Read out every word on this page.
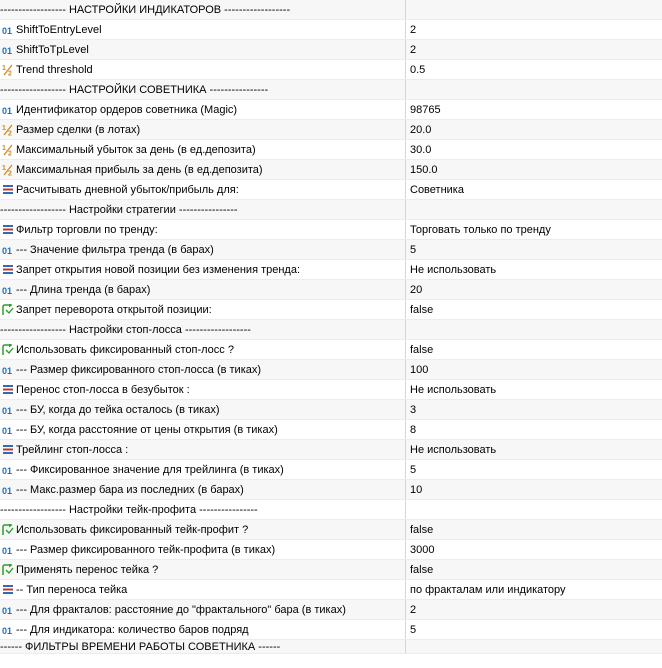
------------------ НАСТРОЙКИ ИНДИКАТОРОВ ------------------
01 ShiftToEntryLevel	2
01 ShiftToTpLevel	2
1
2 Trend threshold	0.5
------------------ НАСТРОЙКИ СОВЕТНИКА ----------------
01 Идентификатор ордеров советника (Magic)	98765
1
2 Размер сделки (в лотах)	20.0
1
2 Максимальный убыток за день (в ед.депозита)	30.0
1
2 Максимальная прибыль за день (в ед.депозита)	150.0
Расчитывать дневной убыток/прибыль для:	Советника
------------------ Настройки стратегии ----------------
Фильтр торговли по тренду:	Торговать только по тренду
01 --- Значение фильтра тренда (в барах)	5
Запрет открытия новой позиции без изменения тренда:	Не использовать
01 --- Длина тренда (в барах)	20
Запрет переворота открытой позиции:	false
------------------ Настройки стоп-лосса ------------------
Использовать фиксированный стоп-лосс ?	false
01 --- Размер фиксированного стоп-лосса (в тиках)	100
Перенос стоп-лосса в безубыток :	Не использовать
01 --- БУ, когда до тейка осталось (в тиках)	3
01 --- БУ, когда расстояние от цены открытия (в тиках)	8
Трейлинг стоп-лосса :	Не использовать
01 --- Фиксированное значение для трейлинга (в тиках)	5
01 --- Макс.размер бара из последних (в барах)	10
------------------ Настройки тейк-профита ----------------
Использовать фиксированный тейк-профит ?	false
01 --- Размер фиксированного тейк-профита (в тиках)	3000
Применять перенос тейка ?	false
-- Тип переноса тейка	по фракталам или индикатору
01 --- Для фракталов: расстояние до "фрактального" бара (в тиках)	2
01 --- Для индикатора: количество баров подряд	5
------ ФИЛЬТРЫ ВРЕМЕНИ РАБОТЫ СОВЕТНИКА ------
